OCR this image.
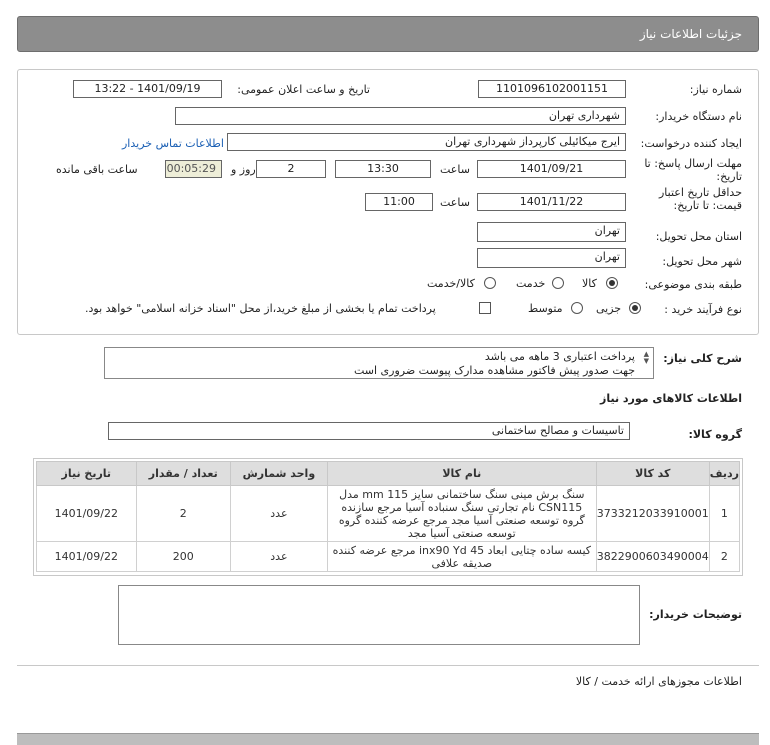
جزئیات اطلاعات نیاز
شماره نیاز:
1101096102001151
تاریخ و ساعت اعلان عمومی:
1401/09/19 - 13:22
نام دستگاه خریدار:
شهرداری تهران
ایجاد کننده درخواست:
ایرج میکائیلی کارپرداز شهرداری تهران
اطلاعات تماس خریدار
مهلت ارسال پاسخ: تا
تاریخ:
1401/09/21
ساعت
13:30
2
روز و
00:05:29
ساعت باقی مانده
حداقل تاریخ اعتبار
قیمت: تا تاریخ:
1401/11/22
ساعت
11:00
استان محل تحویل:
تهران
شهر محل تحویل:
تهران
طبقه بندی موضوعی:
کالا
خدمت
کالا/خدمت
نوع فرآیند خرید :
جزیی
متوسط
پرداخت تمام یا بخشی از مبلغ خرید،از محل "اسناد خزانه اسلامی" خواهد بود.
شرح کلی نیاز:
▲
▼
پرداخت اعتباری 3 ماهه می باشد
جهت صدور پیش فاکتور مشاهده مدارک پیوست ضروری است
اطلاعات کالاهای مورد نیاز
گروه کالا:
تاسیسات و مصالح ساختمانی
ردیف	کد کالا	نام کالا	واحد شمارش	تعداد / مقدار	تاریخ نیاز
1	3733212033910001	سنگ برش مینی سنگ ساختمانی سایز 115 mm مدل CSN115 نام تجارتی سنگ سنباده آسیا مرجع سازنده گروه توسعه صنعتی آسیا مجد مرجع عرضه کننده گروه توسعه صنعتی آسیا مجد	عدد	2	1401/09/22
2	3822900603490004	کیسه ساده چتایی ابعاد 45 inx90 Yd مرجع عرضه کننده صدیقه علافی	عدد	200	1401/09/22
توضیحات خریدار:
اطلاعات مجوزهای ارائه خدمت / کالا
